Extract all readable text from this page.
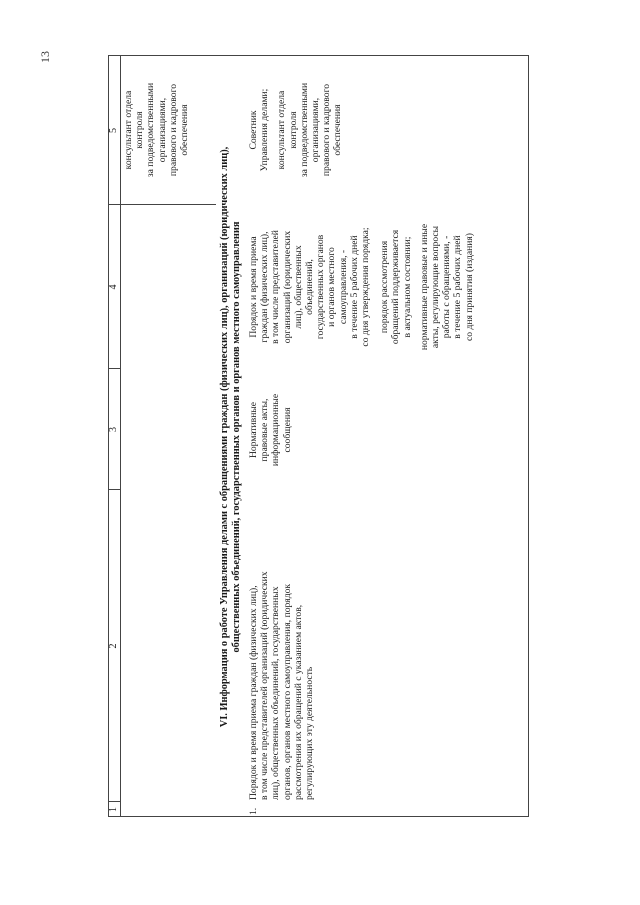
13
1
2
3
4
5 консультант отдела контроля за подведомственными организациями, правового и кадрового обеспечения
VI. Информация о работе Управления делами с обращениями граждан (физических лиц), организаций (юридических лиц), общественных объединений, государственных органов и органов местного самоуправления
1.
Порядок и время приема граждан (физических лиц), в том числе представителей организаций (юридических лиц), общественных объединений, государственных органов, органов местного самоуправления, порядок рассмотрения их обращений с указанием актов, регулирующих эту деятельность
Нормативные правовые акты, информационные сообщения
Порядок и время приема граждан (физических лиц), в том числе представителей организаций (юридических лиц), общественных объединений, государственных органов и органов местного самоуправления, - в течение 5 рабочих дней со дня утверждения порядка; порядок рассмотрения обращений поддерживается в актуальном состоянии; нормативные правовые и иные акты, регулирующие вопросы работы с обращениями, - в течение 5 рабочих дней со дня принятия (издания)
Советник Управления делами; консультант отдела контроля за подведомственными организациями, правового и кадрового обеспечения
